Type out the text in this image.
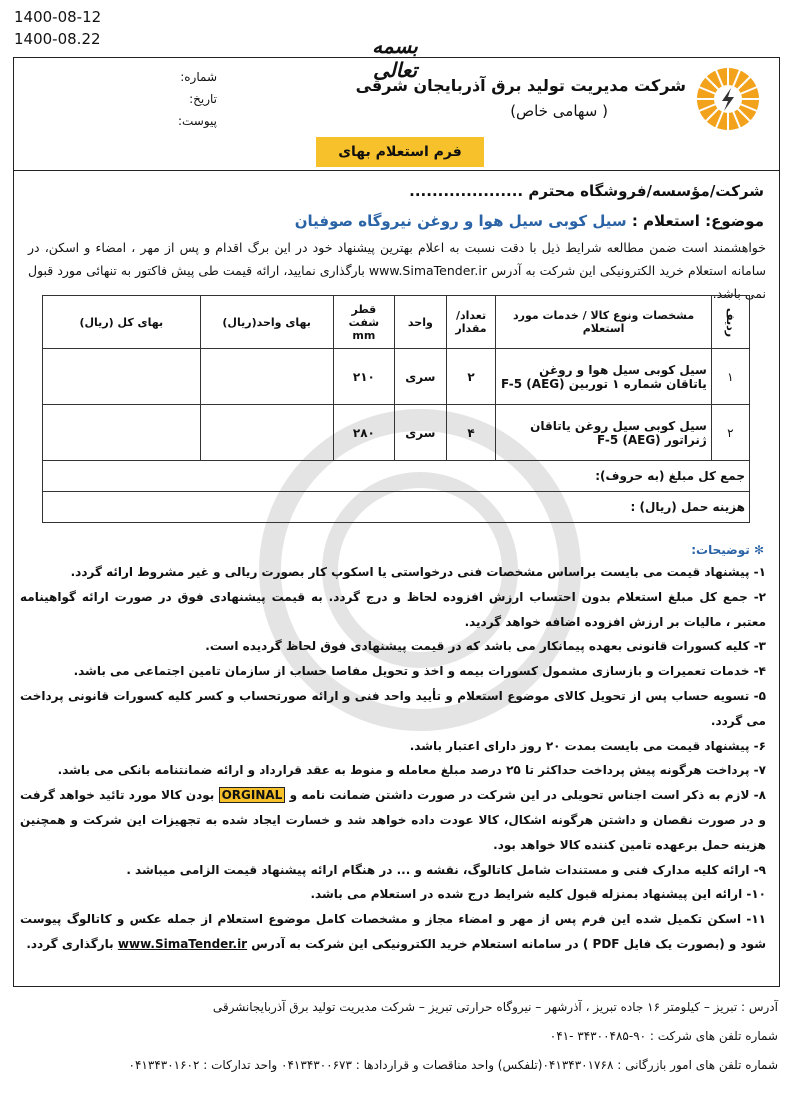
1400-08-12
1400-08.22	بسمه تعالی
شرکت مدیریت تولید برق آذربایجان شرقی
( سهامی خاص)
شماره:
تاریخ:
پیوست:
فرم استعلام بهای
شرکت/مؤسسه/فروشگاه محترم ....................
موضوع: استعلام : سیل کوبی سیل هوا و روغن نیروگاه صوفیان
خواهشمند است ضمن مطالعه شرایط ذیل با دقت نسبت به اعلام بهترین پیشنهاد خود در این برگ اقدام و پس از مهر ، امضاء و اسکن، در سامانه استعلام خرید الکترونیکی این شرکت به آدرس www.SimaTender.ir بارگذاری نمایید، ارائه قیمت طی پیش فاکتور به تنهائی مورد قبول نمی باشد.
ردیف	مشخصات ونوع کالا / خدمات مورد استعلام	تعداد/ مقدار	واحد	قطر شفت mm	بهای واحد(ریال)	بهای کل (ریال)
۱	سیل کوبی سیل هوا و روغن یاتاقان شماره ۱ توربین (AEG) F-5	۲	سری	۲۱۰		
۲	سیل کوبی سیل روغن یاتاقان ژنراتور F-5 (AEG)	۴	سری	۲۸۰		
جمع کل مبلغ (به حروف):						
هزینه حمل (ریال) :						
✻ توضیحات:

۱- پیشنهاد قیمت می بایست براساس مشخصات فنی درخواستی یا اسکوپ کار بصورت ریالی و غیر مشروط ارائه گردد.

۲- جمع کل مبلغ استعلام بدون احتساب ارزش افزوده لحاظ و درج گردد. به قیمت پیشنهادی فوق در صورت ارائه گواهینامه معتبر ، مالیات بر ارزش افزوده اضافه خواهد گردید.

۳- کلیه کسورات قانونی بعهده پیمانکار می باشد که در قیمت پیشنهادی فوق لحاظ گردیده است.

۴- خدمات تعمیرات و بازسازی مشمول کسورات بیمه و اخذ و تحویل مفاصا حساب از سازمان تامین اجتماعی می باشد.

۵- تسویه حساب پس از تحویل کالای موضوع استعلام و تأیید واحد فنی و ارائه صورتحساب و کسر کلیه کسورات قانونی پرداخت می گردد.

۶- پیشنهاد قیمت می بایست بمدت ۲۰ روز دارای اعتبار باشد.

۷- پرداخت هرگونه پیش پرداخت حداکثر تا ۲۵ درصد مبلغ معامله و منوط به عقد قرارداد و ارائه ضمانتنامه بانکی می باشد.

۸- لازم به ذکر است اجناس تحویلی در این شرکت در صورت داشتن ضمانت نامه و ORGINAL بودن کالا مورد تائید خواهد گرفت و در صورت نقصان و داشتن هرگونه اشکال، کالا عودت داده خواهد شد و خسارت ایجاد شده به تجهیزات این شرکت و همچنین هزینه حمل برعهده تامین کننده کالا خواهد بود.

۹- ارائه کلیه مدارک فنی و مستندات شامل کاتالوگ، نقشه و ... در هنگام ارائه پیشنهاد قیمت الزامی میباشد .

۱۰- ارائه این پیشنهاد بمنزله قبول کلیه شرایط درج شده در استعلام می باشد.

۱۱- اسکن تکمیل شده این فرم پس از مهر و امضاء مجاز و مشخصات کامل موضوع استعلام از جمله عکس و کاتالوگ پیوست شود و (بصورت یک فایل PDF ) در سامانه استعلام خرید الکترونیکی این شرکت به آدرس www.SimaTender.ir بارگذاری گردد.

آدرس : تبریز – کیلومتر ۱۶ جاده تبریز ، آذرشهر – نیروگاه حرارتی تبریز – شرکت مدیریت تولید برق آذربایجانشرقی
شماره تلفن های شرکت : ۹۰-۳۴۳۰۰۴۸۵ -۰۴۱
شماره تلفن های امور بازرگانی : ۰۴۱۳۴۳۰۱۷۶۸(تلفکس) واحد مناقصات و قراردادها : ۰۴۱۳۴۳۰۰۶۷۳ واحد تدارکات : ۰۴۱۳۴۳۰۱۶۰۲
